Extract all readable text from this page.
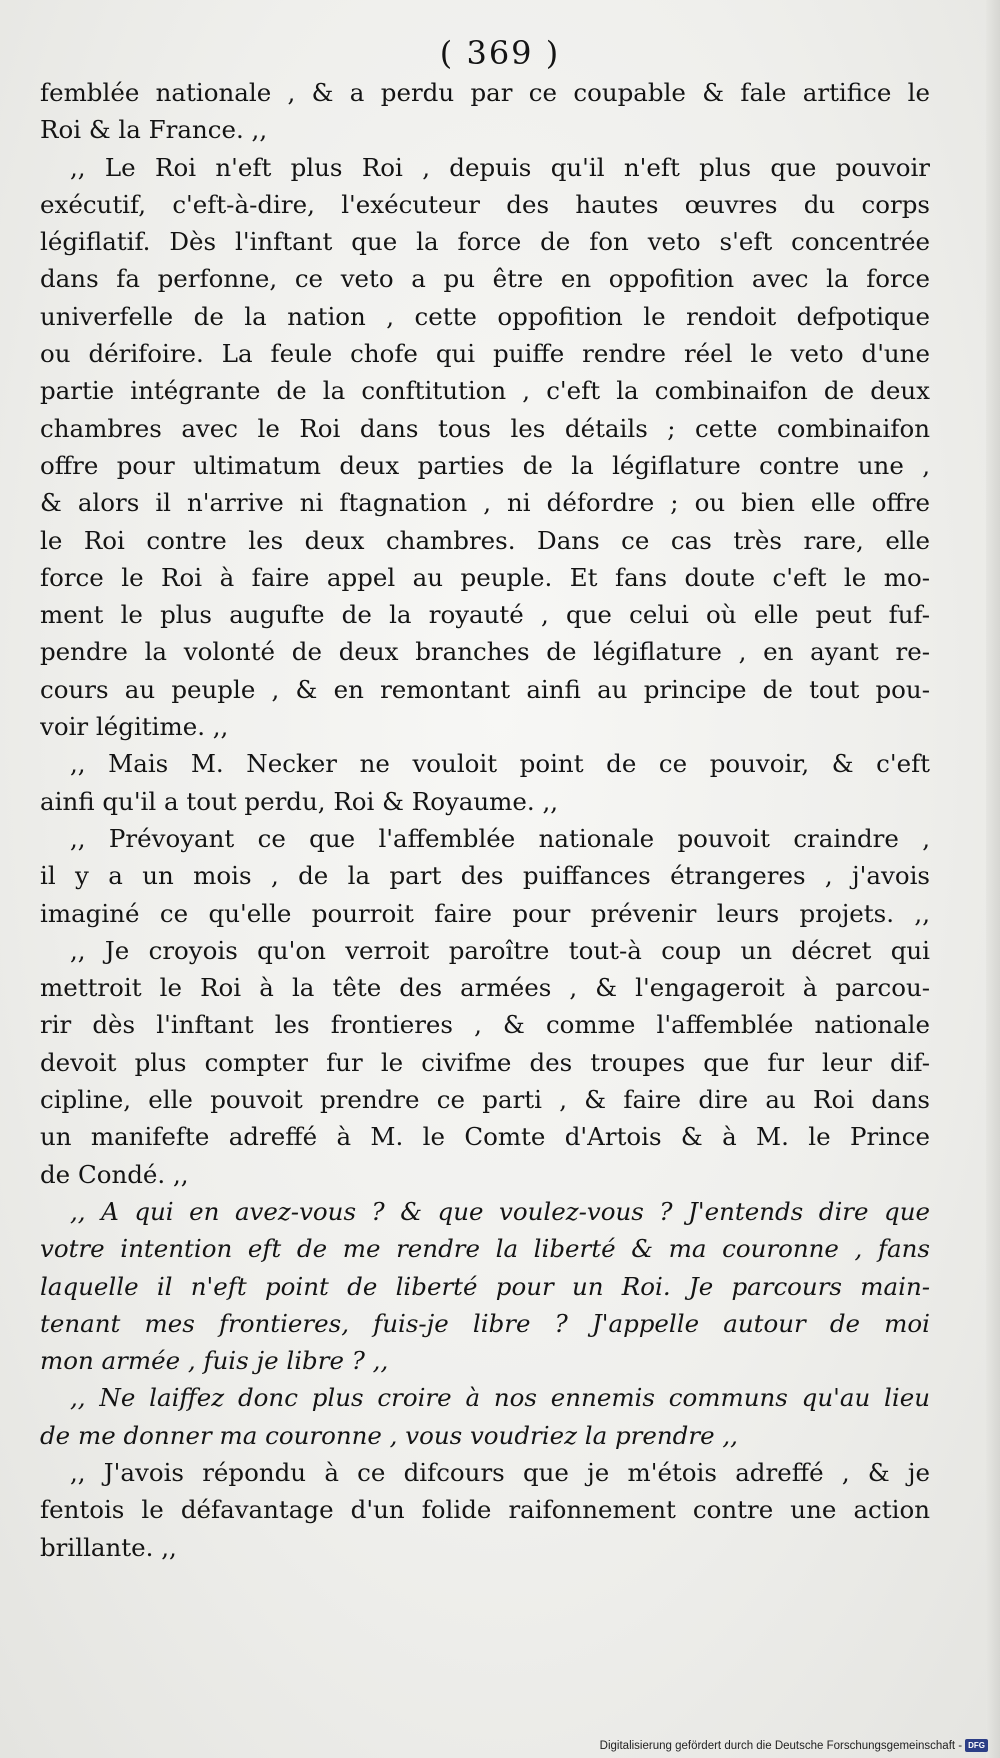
( 369 )
femblée nationale , & a perdu par ce coupable & fale artifice le
Roi & la France. ,,
,, Le Roi n'eft plus Roi , depuis qu'il n'eft plus que pouvoir
exécutif, c'eft-à-dire, l'exécuteur des hautes œuvres du corps
légiflatif. Dès l'inftant que la force de fon veto s'eft concentrée
dans fa perfonne, ce veto a pu être en oppofition avec la force
univerfelle de la nation , cette oppofition le rendoit defpotique
ou dérifoire. La feule chofe qui puiffe rendre réel le veto d'une
partie intégrante de la conftitution , c'eft la combinaifon de deux
chambres avec le Roi dans tous les détails ; cette combinaifon
offre pour ultimatum deux parties de la légiflature contre une ,
& alors il n'arrive ni ftagnation , ni défordre ; ou bien elle offre
le Roi contre les deux chambres. Dans ce cas très rare, elle
force le Roi à faire appel au peuple. Et fans doute c'eft le mo-
ment le plus augufte de la royauté , que celui où elle peut fuf-
pendre la volonté de deux branches de légiflature , en ayant re-
cours au peuple , & en remontant ainfi au principe de tout pou-
voir légitime. ,,
,, Mais M. Necker ne vouloit point de ce pouvoir, & c'eft
ainfi qu'il a tout perdu, Roi & Royaume. ,,
,, Prévoyant ce que l'affemblée nationale pouvoit craindre ,
il y a un mois , de la part des puiffances étrangeres , j'avois
imaginé ce qu'elle pourroit faire pour prévenir leurs projets. ,,
,, Je croyois qu'on verroit paroître tout-à coup un décret qui
mettroit le Roi à la tête des armées , & l'engageroit à parcou-
rir dès l'inftant les frontieres , & comme l'affemblée nationale
devoit plus compter fur le civifme des troupes que fur leur dif-
cipline, elle pouvoit prendre ce parti , & faire dire au Roi dans
un manifefte adreffé à M. le Comte d'Artois & à M. le Prince
de Condé. ,,
,, A qui en avez-vous ? & que voulez-vous ? J'entends dire que
votre intention eft de me rendre la liberté & ma couronne , fans
laquelle il n'eft point de liberté pour un Roi. Je parcours main-
tenant mes frontieres, fuis-je libre ? J'appelle autour de moi
mon armée , fuis je libre ? ,,
,, Ne laiffez donc plus croire à nos ennemis communs qu'au lieu
de me donner ma couronne , vous voudriez la prendre ,,
,, J'avois répondu à ce difcours que je m'étois adreffé , & je
fentois le défavantage d'un folide raifonnement contre une action
brillante. ,,
Digitalisierung gefördert durch die Deutsche Forschungsgemeinschaft - DFG
